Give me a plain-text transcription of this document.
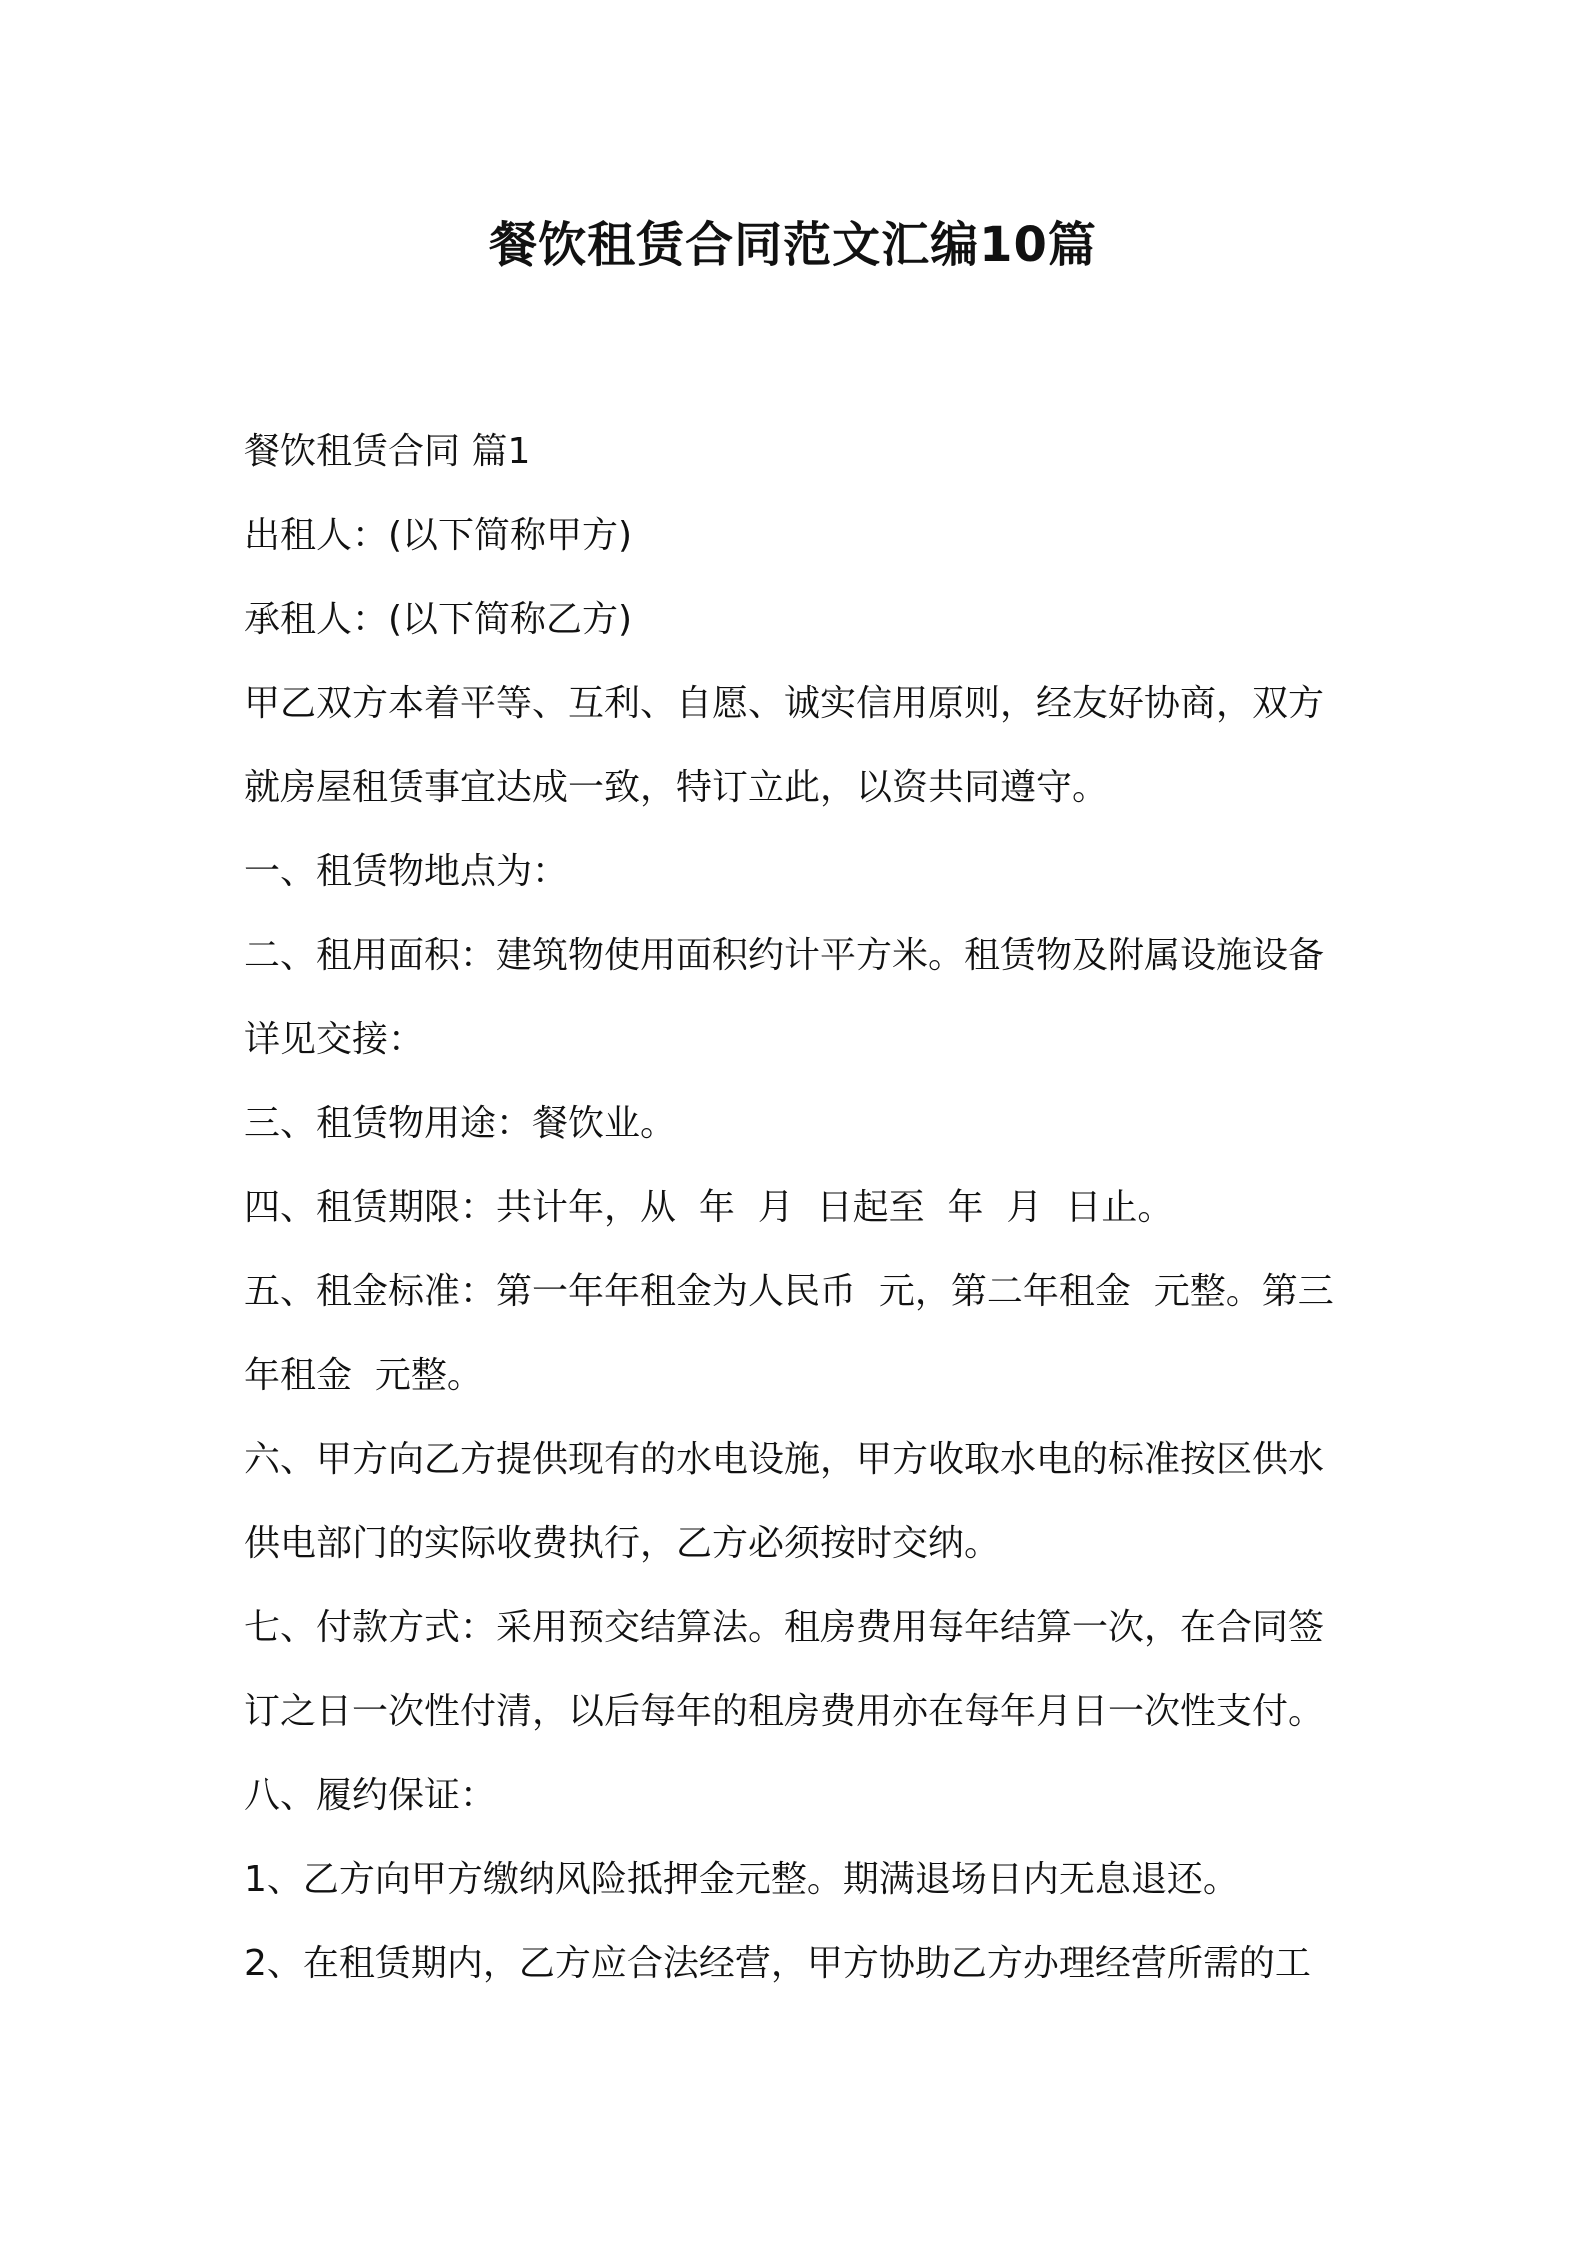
餐饮租赁合同范文汇编10篇

餐饮租赁合同 篇1

出租人：(以下简称甲方)

承租人：(以下简称乙方)

甲乙双方本着平等、互利、自愿、诚实信用原则，经友好协商，双方

就房屋租赁事宜达成一致，特订立此，以资共同遵守。

一、租赁物地点为：

二、租用面积：建筑物使用面积约计平方米。租赁物及附属设施设备

详见交接：

三、租赁物用途：餐饮业。

四、租赁期限：共计年，从  年  月  日起至  年  月  日止。

五、租金标准：第一年年租金为人民币  元，第二年租金  元整。第三

年租金  元整。

六、甲方向乙方提供现有的水电设施，甲方收取水电的标准按区供水

供电部门的实际收费执行，乙方必须按时交纳。

七、付款方式：采用预交结算法。租房费用每年结算一次，在合同签

订之日一次性付清，以后每年的租房费用亦在每年月日一次性支付。

八、履约保证：

1、乙方向甲方缴纳风险抵押金元整。期满退场日内无息退还。

2、在租赁期内，乙方应合法经营，甲方协助乙方办理经营所需的工
